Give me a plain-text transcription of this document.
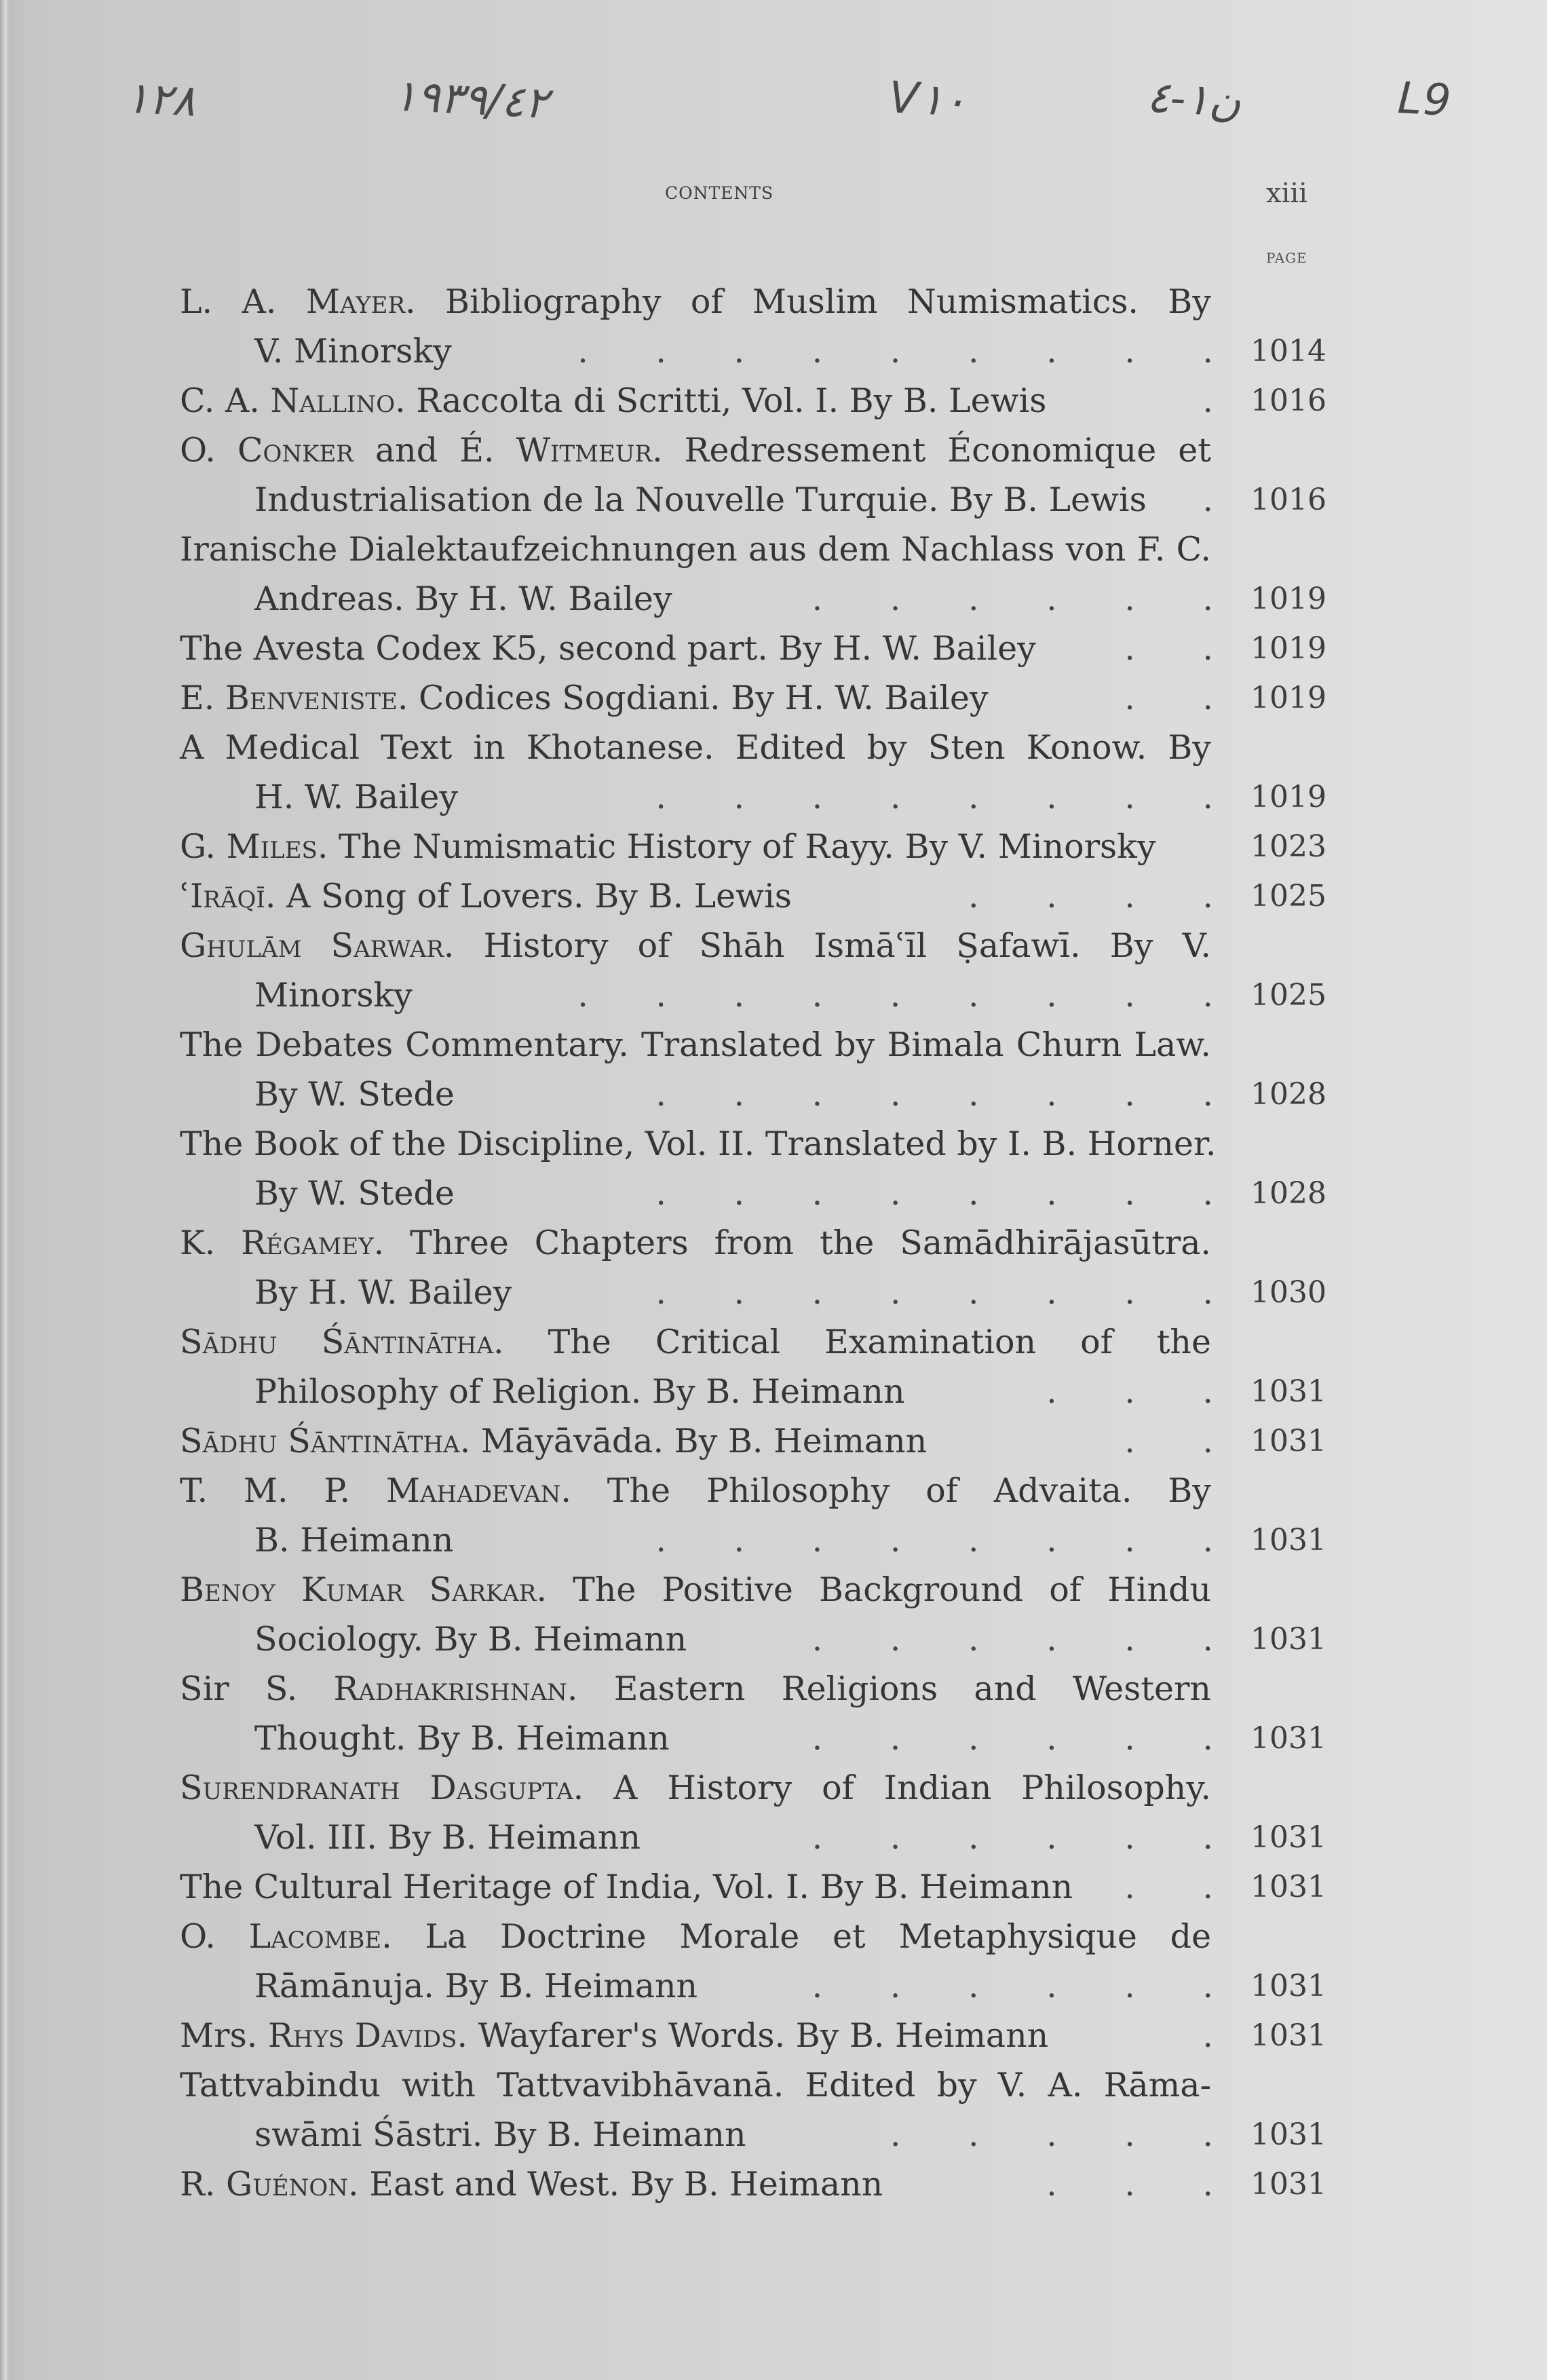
١٢٨	١٩٣٩/٤٢	V١٠	ن١-٤	L9
contents	xiii
PAGE
L. A. Mayer. Bibliography of Muslim Numismatics. By
V. Minorsky	. . . . . . . . . 1014
C. A. Nallino. Raccolta di Scritti, Vol. I. By B. Lewis	. 1016
O. Conker and É. Witmeur. Redressement Économique et
Industrialisation de la Nouvelle Turquie. By B. Lewis . 1016
Iranische Dialektaufzeichnungen aus dem Nachlass von F. C.
Andreas. By H. W. Bailey	. . . . . . 1019
The Avesta Codex K5, second part. By H. W. Bailey	. . 1019
E. Benveniste. Codices Sogdiani. By H. W. Bailey	. . 1019
A Medical Text in Khotanese. Edited by Sten Konow. By
H. W. Bailey	. . . . . . . . 1019
G. Miles. The Numismatic History of Rayy. By V. Minorsky	1023
ʿIrāqī. A Song of Lovers. By B. Lewis	. . . . 1025
Ghulām Sarwar. History of Shāh Ismāʿīl Ṣafawī. By V.
Minorsky	. . . . . . . . . 1025
The Debates Commentary. Translated by Bimala Churn Law.
By W. Stede	. . . . . . . . 1028
The Book of the Discipline, Vol. II. Translated by I. B. Horner.
By W. Stede	. . . . . . . . 1028
K. Régamey. Three Chapters from the Samādhirājasūtra.
By H. W. Bailey	. . . . . . . . 1030
Sādhu Śāntinātha. The Critical Examination of the
Philosophy of Religion. By B. Heimann	. . . 1031
Sādhu Śāntinātha. Māyāvāda. By B. Heimann	. . 1031
T. M. P. Mahadevan. The Philosophy of Advaita. By
B. Heimann	. . . . . . . . 1031
Benoy Kumar Sarkar. The Positive Background of Hindu
Sociology. By B. Heimann	. . . . . . 1031
Sir S. Radhakrishnan. Eastern Religions and Western
Thought. By B. Heimann	. . . . . . 1031
Surendranath Dasgupta. A History of Indian Philosophy.
Vol. III. By B. Heimann	. . . . . . 1031
The Cultural Heritage of India, Vol. I. By B. Heimann . . 1031
O. Lacombe. La Doctrine Morale et Metaphysique de
Rāmānuja. By B. Heimann	. . . . . . 1031
Mrs. Rhys Davids. Wayfarer's Words. By B. Heimann	. 1031
Tattvabindu with Tattvavibhāvanā. Edited by V. A. Rāma-
swāmi Śāstri. By B. Heimann	. . . . . 1031
R. Guénon. East and West. By B. Heimann	. . . 1031
